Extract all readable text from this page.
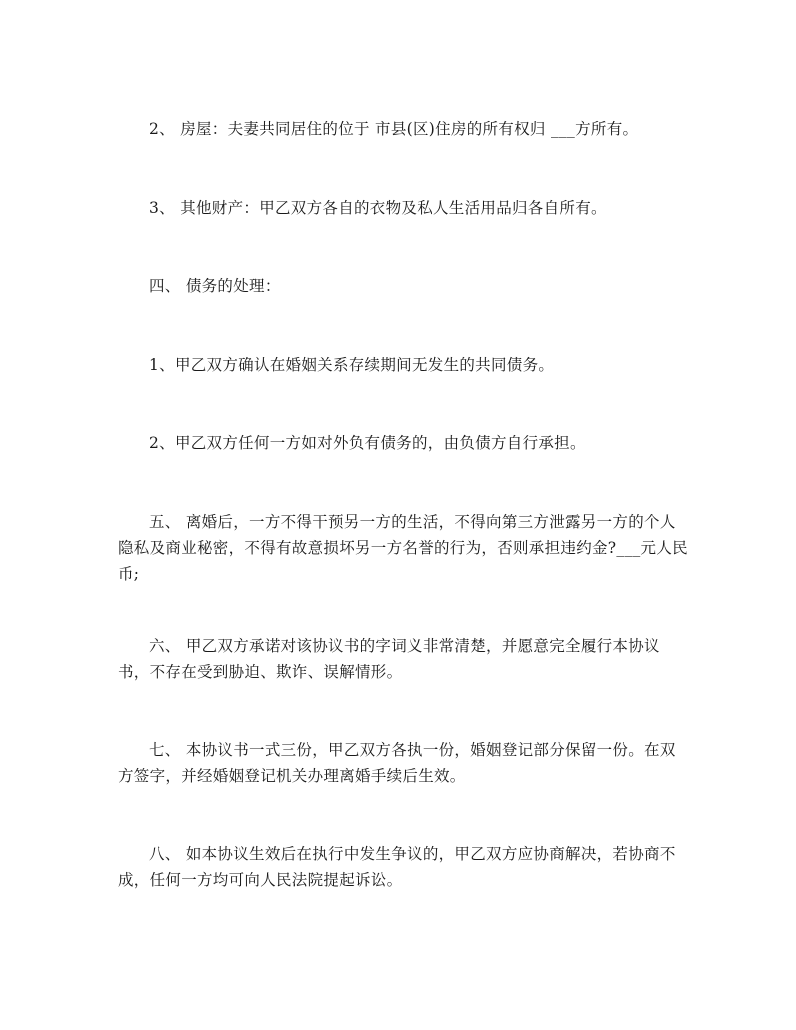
2、 房屋：夫妻共同居住的位于 市县(区)住房的所有权归 ___方所有。
3、 其他财产：甲乙双方各自的衣物及私人生活用品归各自所有。
四、 债务的处理：
1、甲乙双方确认在婚姻关系存续期间无发生的共同债务。
2、甲乙双方任何一方如对外负有债务的，由负债方自行承担。
五、 离婚后，一方不得干预另一方的生活，不得向第三方泄露另一方的个人
隐私及商业秘密，不得有故意损坏另一方名誉的行为，否则承担违约金?___元人民
币;
六、 甲乙双方承诺对该协议书的字词义非常清楚，并愿意完全履行本协议
书，不存在受到胁迫、欺诈、误解情形。
七、 本协议书一式三份，甲乙双方各执一份，婚姻登记部分保留一份。在双
方签字，并经婚姻登记机关办理离婚手续后生效。
八、 如本协议生效后在执行中发生争议的，甲乙双方应协商解决，若协商不
成，任何一方均可向人民法院提起诉讼。
